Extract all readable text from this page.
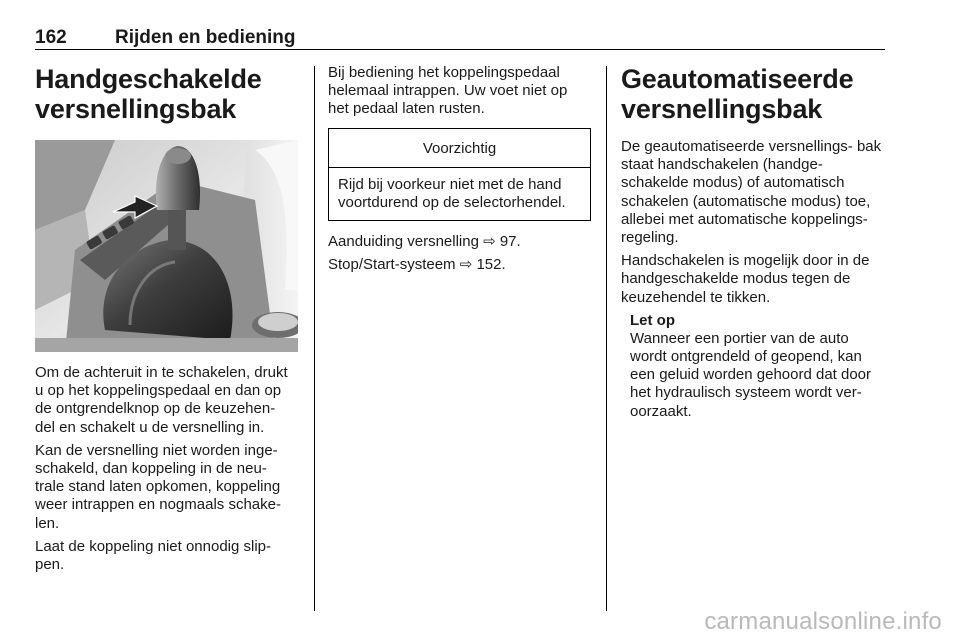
162	Rijden en bediening
Handgeschakelde versnellingsbak

Om de achteruit in te schakelen, drukt u op het koppelingspedaal en dan op de ontgrendelknop op de keuzehen‐ del en schakelt u de versnelling in.

Kan de versnelling niet worden inge‐ schakeld, dan koppeling in de neu‐ trale stand laten opkomen, koppeling weer intrappen en nogmaals schake‐ len.

Laat de koppeling niet onnodig slip‐ pen.

Bij bediening het koppelingspedaal helemaal intrappen. Uw voet niet op het pedaal laten rusten.

Voorzichtig
Rijd bij voorkeur niet met de hand voortdurend op de selectorhendel.

Aanduiding versnelling ⇨ 97.

Stop/Start-systeem ⇨ 152.

Geautomatiseerde versnellingsbak

De geautomatiseerde versnellings‐ bak staat handschakelen (handge‐ schakelde modus) of automatisch schakelen (automatische modus) toe, allebei met automatische koppelings‐ regeling.

Handschakelen is mogelijk door in de handgeschakelde modus tegen de keuzehendel te tikken.

Let op

Wanneer een portier van de auto wordt ontgrendeld of geopend, kan een geluid worden gehoord dat door het hydraulisch systeem wordt ver‐ oorzaakt.

carmanualsonline.info
